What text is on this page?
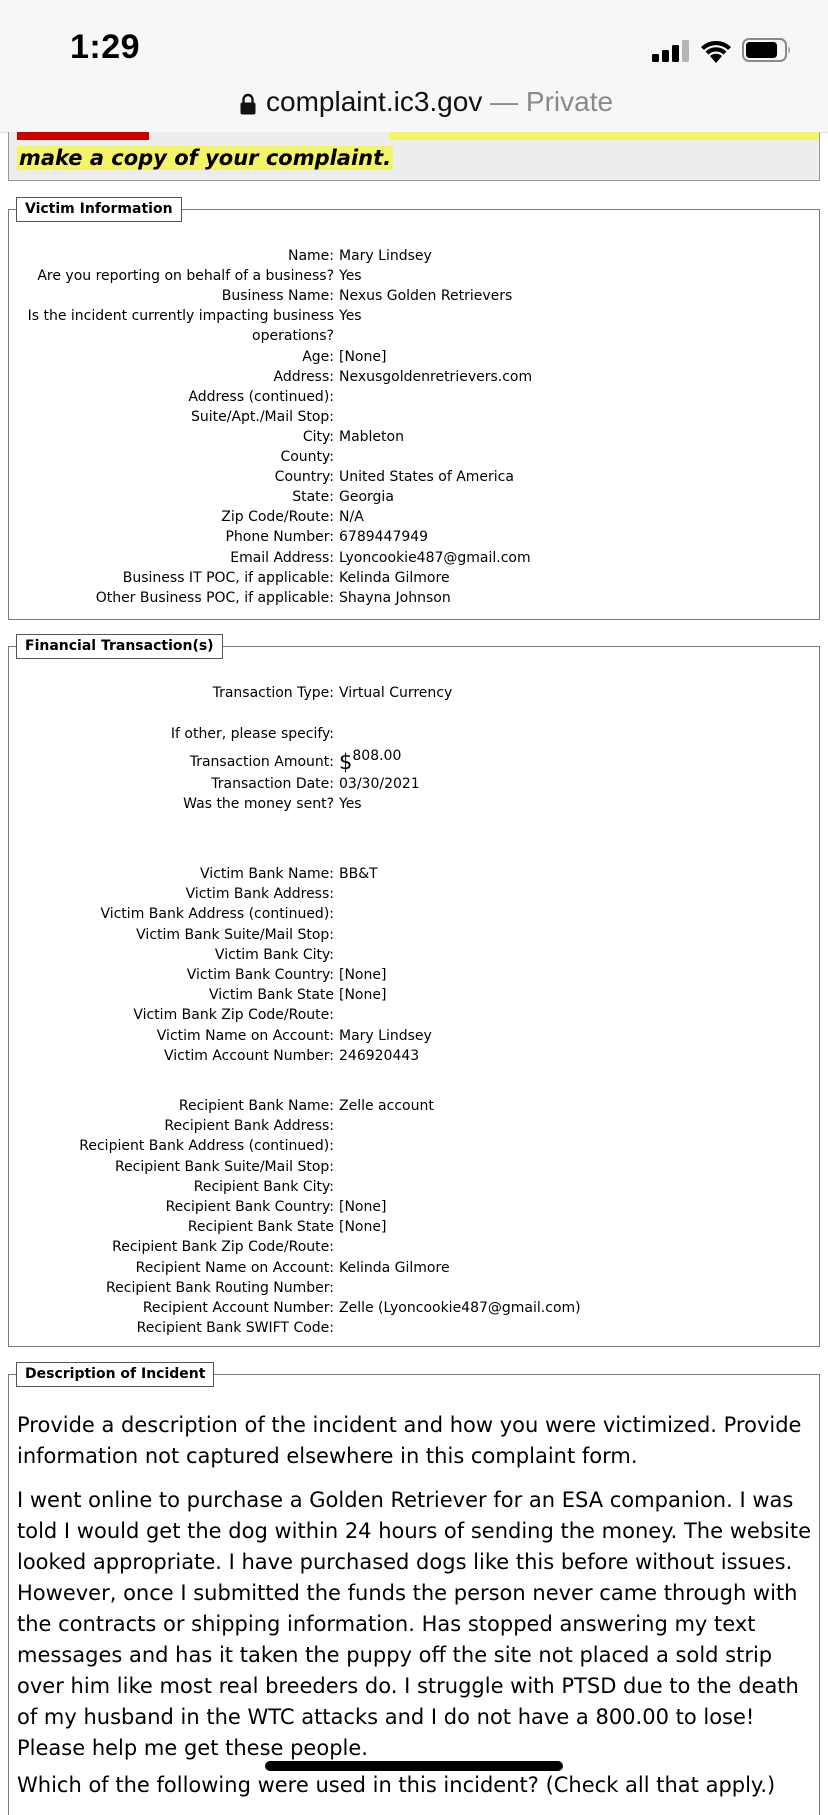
1:29
complaint.ic3.gov — Private
make a copy of your complaint.
Victim Information
Name: Mary Lindsey
Are you reporting on behalf of a business? Yes
Business Name: Nexus Golden Retrievers
Is the incident currently impacting business Yes
operations?
Age: [None]
Address: Nexusgoldenretrievers.com
Address (continued):
Suite/Apt./Mail Stop:
City: Mableton
County:
Country: United States of America
State: Georgia
Zip Code/Route: N/A
Phone Number: 6789447949
Email Address: Lyoncookie487@gmail.com
Business IT POC, if applicable: Kelinda Gilmore
Other Business POC, if applicable: Shayna Johnson
Financial Transaction(s)
Transaction Type: Virtual Currency
If other, please specify:
Transaction Amount: $808.00
Transaction Date: 03/30/2021
Was the money sent? Yes
Victim Bank Name: BB&T
Victim Bank Address:
Victim Bank Address (continued):
Victim Bank Suite/Mail Stop:
Victim Bank City:
Victim Bank Country: [None]
Victim Bank State [None]
Victim Bank Zip Code/Route:
Victim Name on Account: Mary Lindsey
Victim Account Number: 246920443
Recipient Bank Name: Zelle account
Recipient Bank Address:
Recipient Bank Address (continued):
Recipient Bank Suite/Mail Stop:
Recipient Bank City:
Recipient Bank Country: [None]
Recipient Bank State [None]
Recipient Bank Zip Code/Route:
Recipient Name on Account: Kelinda Gilmore
Recipient Bank Routing Number:
Recipient Account Number: Zelle (Lyoncookie487@gmail.com)
Recipient Bank SWIFT Code:
Description of Incident

Provide a description of the incident and how you were victimized. Provide information not captured elsewhere in this complaint form.

I went online to purchase a Golden Retriever for an ESA companion. I was told I would get the dog within 24 hours of sending the money. The website looked appropriate. I have purchased dogs like this before without issues. However, once I submitted the funds the person never came through with the contracts or shipping information. Has stopped answering my text messages and has it taken the puppy off the site not placed a sold strip over him like most real breeders do. I struggle with PTSD due to the death of my husband in the WTC attacks and I do not have a 800.00 to lose! Please help me get these people.

Which of the following were used in this incident? (Check all that apply.)
